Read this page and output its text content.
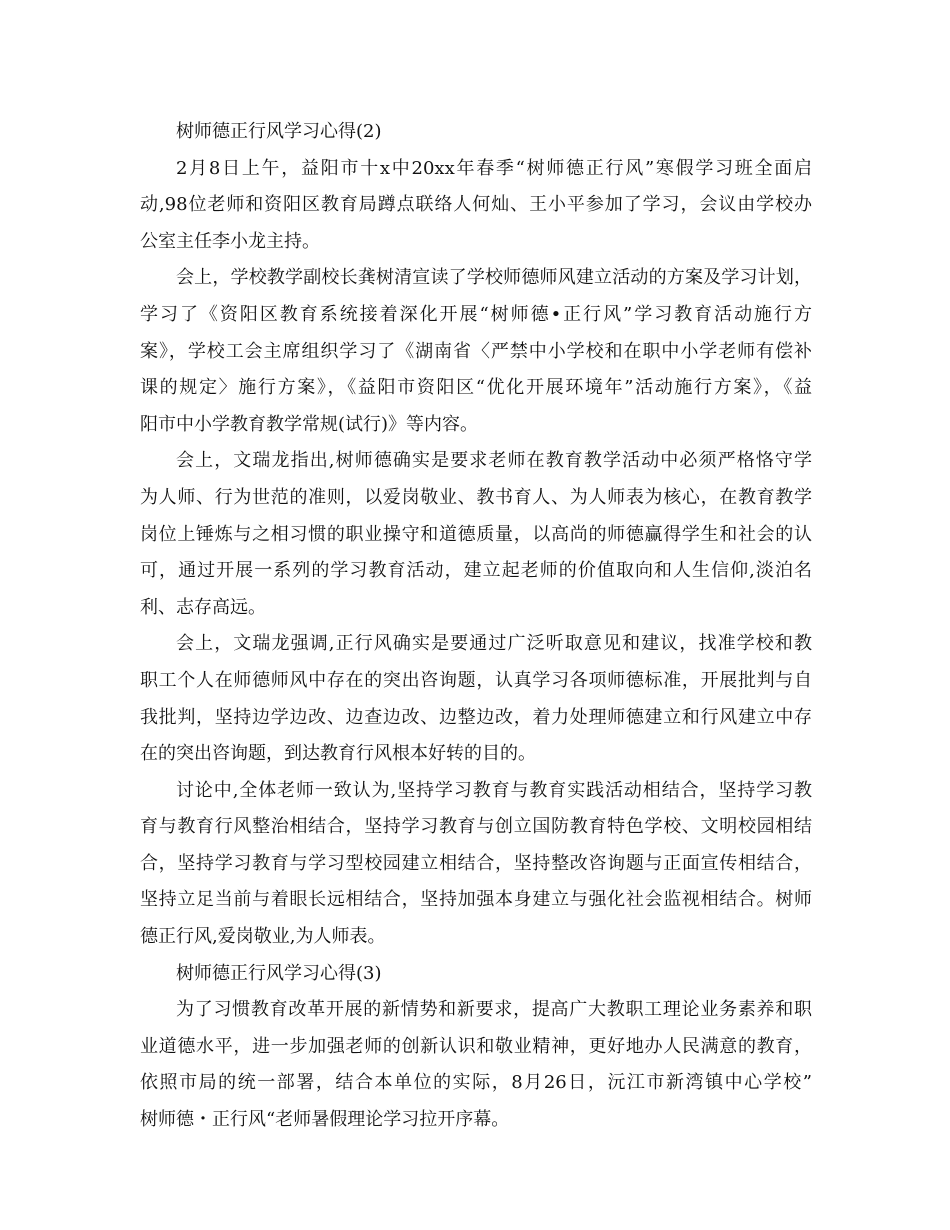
树师德正行风学习心得(2)
2月8日上午，益阳市十x中20xx年春季“树师德正行风”寒假学习班全面启
动,98位老师和资阳区教育局蹲点联络人何灿、王小平参加了学习，会议由学校办
公室主任李小龙主持。
会上，学校教学副校长龚树清宣读了学校师德师风建立活动的方案及学习计划，
学习了《资阳区教育系统接着深化开展“树师德•正行风”学习教育活动施行方
案》，学校工会主席组织学习了《湖南省〈严禁中小学校和在职中小学老师有偿补
课的规定〉施行方案》，《益阳市资阳区“优化开展环境年”活动施行方案》，《益
阳市中小学教育教学常规(试行)》等内容。
会上，文瑞龙指出,树师德确实是要求老师在教育教学活动中必须严格恪守学
为人师、行为世范的准则，以爱岗敬业、教书育人、为人师表为核心，在教育教学
岗位上锤炼与之相习惯的职业操守和道德质量，以高尚的师德赢得学生和社会的认
可，通过开展一系列的学习教育活动，建立起老师的价值取向和人生信仰,淡泊名
利、志存高远。
会上，文瑞龙强调,正行风确实是要通过广泛听取意见和建议，找准学校和教
职工个人在师德师风中存在的突出咨询题，认真学习各项师德标准，开展批判与自
我批判，坚持边学边改、边查边改、边整边改，着力处理师德建立和行风建立中存
在的突出咨询题，到达教育行风根本好转的目的。
讨论中,全体老师一致认为,坚持学习教育与教育实践活动相结合，坚持学习教
育与教育行风整治相结合，坚持学习教育与创立国防教育特色学校、文明校园相结
合，坚持学习教育与学习型校园建立相结合，坚持整改咨询题与正面宣传相结合，
坚持立足当前与着眼长远相结合，坚持加强本身建立与强化社会监视相结合。树师
德正行风,爱岗敬业,为人师表。
树师德正行风学习心得(3)
为了习惯教育改革开展的新情势和新要求，提高广大教职工理论业务素养和职
业道德水平，进一步加强老师的创新认识和敬业精神，更好地办人民满意的教育，
依照市局的统一部署，结合本单位的实际，8月26日，沅江市新湾镇中心学校”
树师德・正行风“老师暑假理论学习拉开序幕。
